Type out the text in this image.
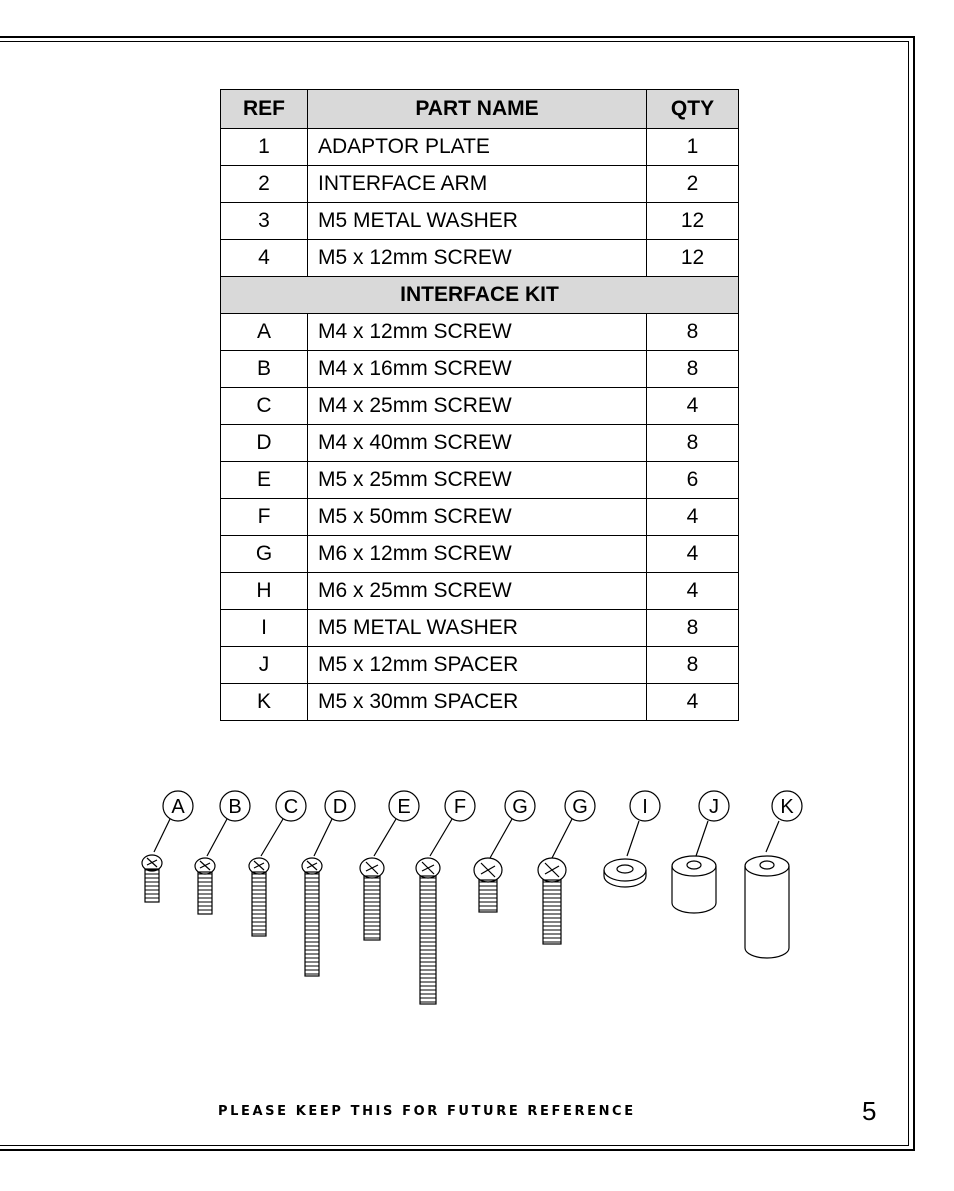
REF	PART NAME	QTY
1	ADAPTOR PLATE	1
2	INTERFACE ARM	2
3	M5 METAL WASHER	12
4	M5 x 12mm SCREW	12
INTERFACE KIT		
A	M4 x 12mm SCREW	8
B	M4 x 16mm SCREW	8
C	M4 x 25mm SCREW	4
D	M4 x 40mm SCREW	8
E	M5 x 25mm SCREW	6
F	M5 x 50mm SCREW	4
G	M6 x 12mm SCREW	4
H	M6 x 25mm SCREW	4
I	M5 METAL WASHER	8
J	M5 x 12mm SPACER	8
K	M5 x 30mm SPACER	4
A B C D	E F G G	I	J	K
PLEASE KEEP THIS FOR FUTURE REFERENCE	5
